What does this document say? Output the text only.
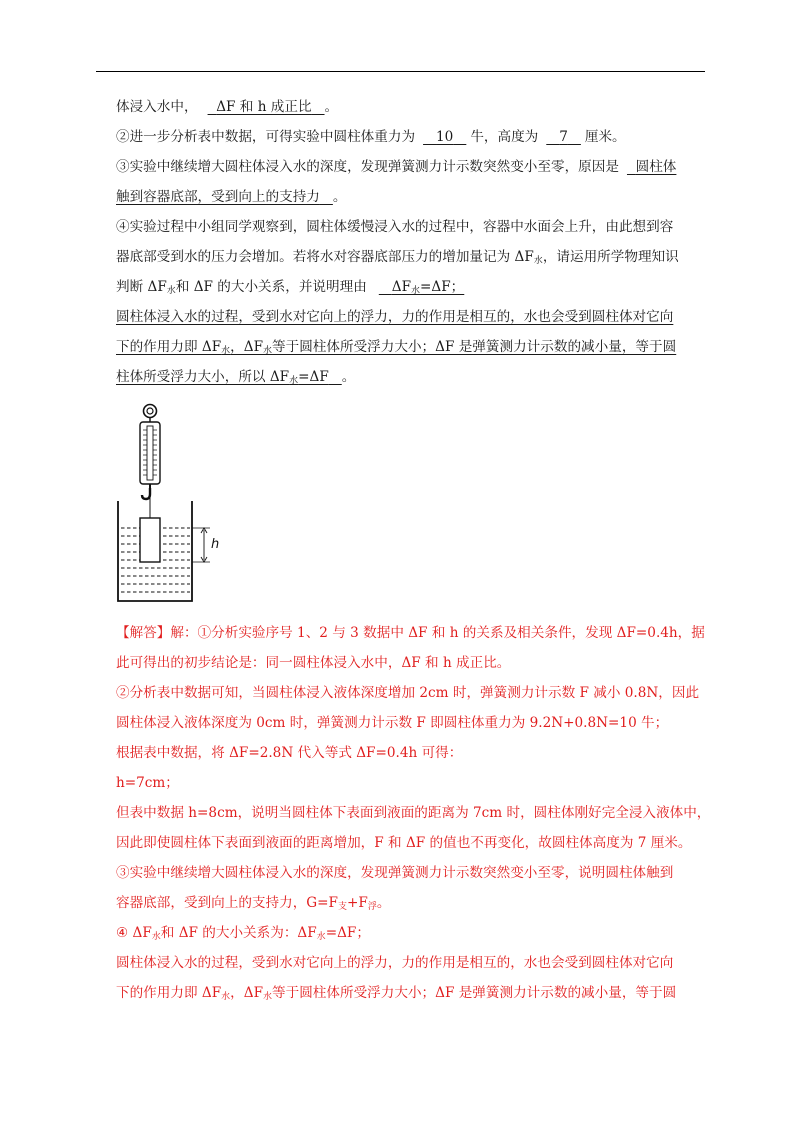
体浸入水中， ΔF 和 h 成正比 。
②进一步分析表中数据，可得实验中圆柱体重力为 10 牛，高度为 7 厘米。
③实验中继续增大圆柱体浸入水的深度，发现弹簧测力计示数突然变小至零，原因是 圆柱体
触到容器底部，受到向上的支持力 。
④实验过程中小组同学观察到，圆柱体缓慢浸入水的过程中，容器中水面会上升，由此想到容
器底部受到水的压力会增加。若将水对容器底部压力的增加量记为 $\Delta F_水$，请运用所学物理知识
判断 $\Delta F_水$和 ΔF 的大小关系，并说明理由 $\Delta F_水=\Delta F$；
圆柱体浸入水的过程，受到水对它向上的浮力，力的作用是相互的，水也会受到圆柱体对它向
下的作用力即 $\Delta F_水$，$\Delta F_水$等于圆柱体所受浮力大小；ΔF 是弹簧测力计示数的减小量，等于圆
柱体所受浮力大小，所以 $\Delta F_水=\Delta F$ 。
h
【解答】解：①分析实验序号 1、2 与 3 数据中 ΔF 和 h 的关系及相关条件，发现 ΔF=0.4h，据
此可得出的初步结论是：同一圆柱体浸入水中，ΔF 和 h 成正比。
②分析表中数据可知，当圆柱体浸入液体深度增加 2cm 时，弹簧测力计示数 F 减小 0.8N，因此
圆柱体浸入液体深度为 0cm 时，弹簧测力计示数 F 即圆柱体重力为 9.2N+0.8N=10 牛；
根据表中数据，将 ΔF=2.8N 代入等式 ΔF=0.4h 可得：
h=7cm；
但表中数据 h=8cm，说明当圆柱体下表面到液面的距离为 7cm 时，圆柱体刚好完全浸入液体中，
因此即使圆柱体下表面到液面的距离增加，F 和 ΔF 的值也不再变化，故圆柱体高度为 7 厘米。
③实验中继续增大圆柱体浸入水的深度，发现弹簧测力计示数突然变小至零，说明圆柱体触到
容器底部，受到向上的支持力，$G=F_支+F_浮$。
④ $\Delta F_水$和 ΔF 的大小关系为：$\Delta F_水=\Delta F$；
圆柱体浸入水的过程，受到水对它向上的浮力，力的作用是相互的，水也会受到圆柱体对它向
下的作用力即 $\Delta F_水$，$\Delta F_水$等于圆柱体所受浮力大小；ΔF 是弹簧测力计示数的减小量，等于圆
